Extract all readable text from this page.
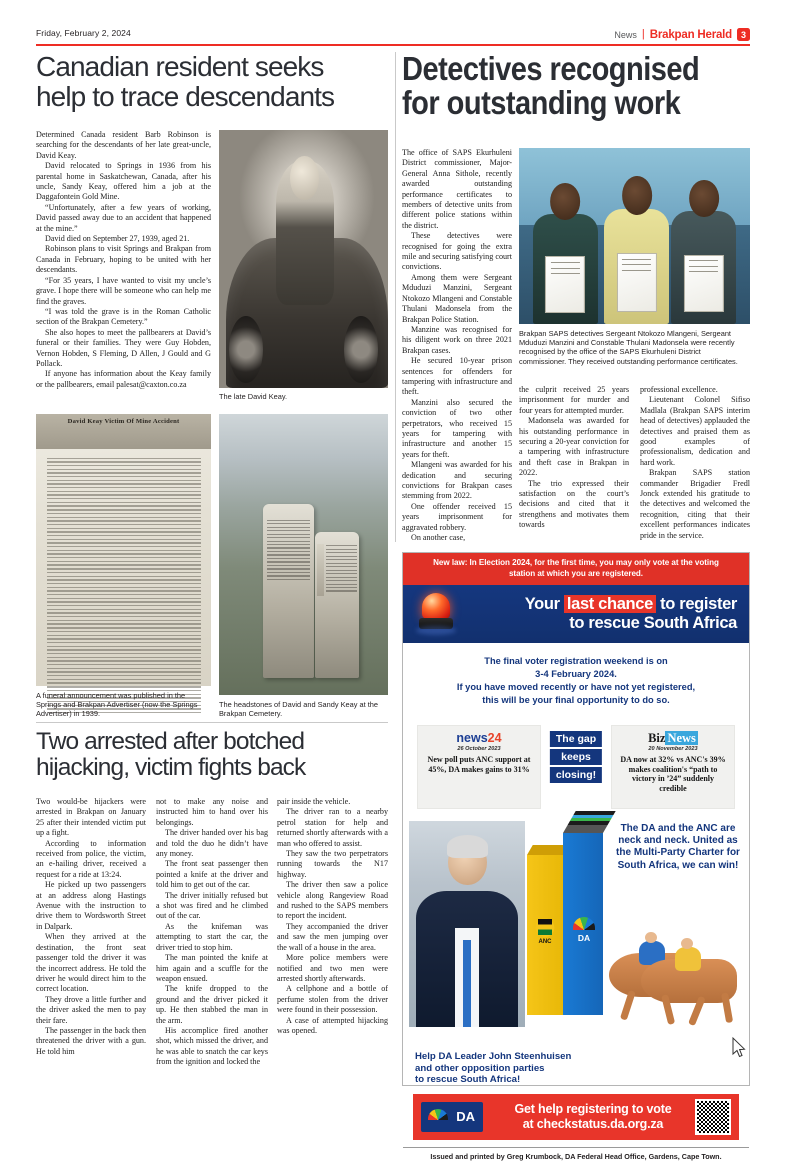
Friday, February 2, 2024	News | Brakpan Herald 3
Canadian resident seeks
help to trace descendants

Determined Canada resident Barb Robinson is searching for the descendants of her late great-uncle, David Keay.

David relocated to Springs in 1936 from his parental home in Saskatchewan, Canada, after his uncle, Sandy Keay, offered him a job at the Daggafontein Gold Mine.

“Unfortunately, after a few years of working, David passed away due to an accident that happened at the mine.”

David died on September 27, 1939, aged 21.

Robinson plans to visit Springs and Brakpan from Canada in February, hoping to be united with her descendants.

“For 35 years, I have wanted to visit my uncle’s grave. I hope there will be someone who can help me find the graves.

“I was told the grave is in the Roman Catholic section of the Brakpan Cemetery.”

She also hopes to meet the pallbearers at David’s funeral or their families. They were Guy Hobden, Vernon Hobden, S Fleming, D Allen, J Gould and G Pollack.

If anyone has information about the Keay family or the pallbearers, email palesat@caxton.co.za

The late David Keay.
David Keay Victim Of Mine Accident
A funeral announcement was published in the Springs and Brakpan Advertiser (now the Springs Advertiser) in 1939.
The headstones of David and Sandy Keay at the Brakpan Cemetery.
Detectives recognised
for outstanding work

The office of SAPS Ekurhuleni District commissioner, Major-General Anna Sithole, recently awarded outstanding performance certificates to members of detective units from different police stations within the district.

These detectives were recognised for going the extra mile and securing satisfying court convictions.

Among them were Sergeant Mduduzi Manzini, Sergeant Ntokozo Mlangeni and Constable Thulani Madonsela from the Brakpan Police Station.

Manzine was recognised for his diligent work on three 2021 Brakpan cases.

He secured 10-year prison sentences for offenders for tampering with infrastructure and theft.

Manzini also secured the conviction of two other perpetrators, who received 15 years for tampering with infrastructure and another 15 years for theft.

Mlangeni was awarded for his dedication and securing convictions for Brakpan cases stemming from 2022.

One offender received 15 years imprisonment for aggravated robbery.

On another case,

Brakpan SAPS detectives Sergeant Ntokozo Mlangeni, Sergeant Mduduzi Manzini and Constable Thulani Madonsela were recently recognised by the office of the SAPS Ekurhuleni District commissioner. They received outstanding performance certificates.

the culprit received 25 years imprisonment for murder and four years for attempted murder.

Madonsela was awarded for his outstanding performance in securing a 20-year conviction for a tampering with infrastructure and theft case in Brakpan in 2022.

The trio expressed their satisfaction on the court’s decisions and cited that it strengthens and motivates them towards

professional excellence.

Lieutenant Colonel Sifiso Madlala (Brakpan SAPS interim head of detectives) applauded the detectives and praised them as good examples of professionalism, dedication and hard work.

Brakpan SAPS station commander Brigadier Fredl Jonck extended his gratitude to the detectives and welcomed the recognition, citing that their excellent performances indicates pride in the service.

Two arrested after botched
hijacking, victim fights back

Two would-be hijackers were arrested in Brakpan on January 25 after their intended victim put up a fight.

According to information received from police, the victim, an e-hailing driver, received a request for a ride at 13:24.

He picked up two passengers at an address along Hastings Avenue with the instruction to drive them to Wordsworth Street in Dalpark.

When they arrived at the destination, the front seat passenger told the driver it was the incorrect address. He told the driver he would direct him to the correct location.

They drove a little further and the driver asked the men to pay their fare.

The passenger in the back then threatened the driver with a gun. He told him

not to make any noise and instructed him to hand over his belongings.

The driver handed over his bag and told the duo he didn’t have any money.

The front seat passenger then pointed a knife at the driver and told him to get out of the car.

The driver initially refused but a shot was fired and he climbed out of the car.

As the knifeman was attempting to start the car, the driver tried to stop him.

The man pointed the knife at him again and a scuffle for the weapon ensued.

The knife dropped to the ground and the driver picked it up. He then stabbed the man in the arm.

His accomplice fired another shot, which missed the driver, and he was able to snatch the car keys from the ignition and locked the

pair inside the vehicle.

The driver ran to a nearby petrol station for help and returned shortly afterwards with a man who offered to assist.

They saw the two perpetrators running towards the N17 highway.

The driver then saw a police vehicle along Rangeview Road and rushed to the SAPS members to report the incident.

They accompanied the driver and saw the men jumping over the wall of a house in the area.

More police members were notified and two men were arrested shortly afterwards.

A cellphone and a bottle of perfume stolen from the driver were found in their possession.

A case of attempted hijacking was opened.

New law: In Election 2024, for the first time, you may only vote at the voting station at which you are registered.
Your last chance to register
to rescue South Africa
The final voter registration weekend is on
3-4 February 2024.
If you have moved recently or have not yet registered,
this will be your final opportunity to do so.
news24
26 October 2023
New poll puts ANC support at 45%, DA makes gains to 31%
The gap
keeps
closing!
Biz News
20 November 2023
DA now at 32% vs ANC's 39% makes coalition's “path to victory in ’24” suddenly credible
ANC	DA
The DA and the ANC are neck and neck. United as the Multi-Party Charter for South Africa, we can win!
Help DA Leader John Steenhuisen
and other opposition parties
to rescue South Africa!
DA	Get help registering to vote
at checkstatus.da.org.za
Issued and printed by Greg Krumbock, DA Federal Head Office, Gardens, Cape Town.
